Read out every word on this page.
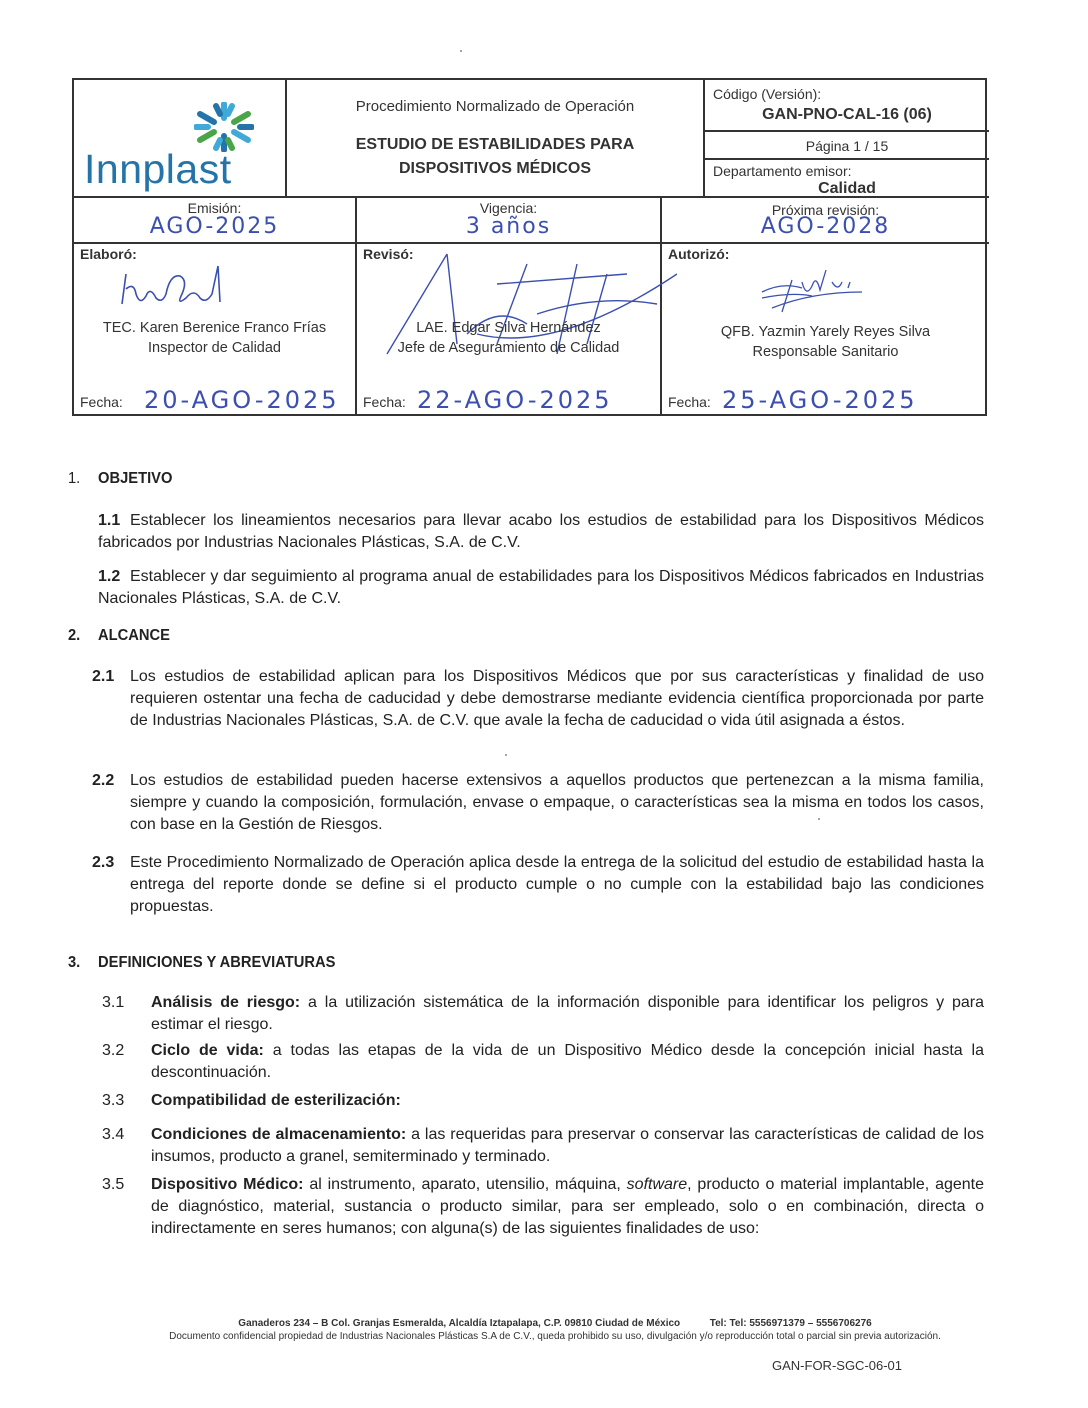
Innplast
Procedimiento Normalizado de Operación
ESTUDIO DE ESTABILIDADES PARA
DISPOSITIVOS MÉDICOS
Código (Versión):
GAN-PNO-CAL-16 (06)
Página 1 / 15
Departamento emisor:
Calidad
Emisión:
AGO-2025
Vigencia:
3 años
Próxima revisión:
AGO-2028
Elaboró:
TEC. Karen Berenice Franco Frías
Inspector de Calidad
Fecha: 20-AGO-2025
Revisó:
LAE. Edgar Silva Hernández
Jefe de Aseguramiento de Calidad
Fecha: 22-AGO-2025
Autorizó:
QFB. Yazmin Yarely Reyes Silva
Responsable Sanitario
Fecha: 25-AGO-2025
1. OBJETIVO
1.1 Establecer los lineamientos necesarios para llevar acabo los estudios de estabilidad para los Dispositivos Médicos fabricados por Industrias Nacionales Plásticas, S.A. de C.V.
1.2 Establecer y dar seguimiento al programa anual de estabilidades para los Dispositivos Médicos fabricados en Industrias Nacionales Plásticas, S.A. de C.V.
2. ALCANCE
2.1 Los estudios de estabilidad aplican para los Dispositivos Médicos que por sus características y finalidad de uso requieren ostentar una fecha de caducidad y debe demostrarse mediante evidencia científica proporcionada por parte de Industrias Nacionales Plásticas, S.A. de C.V. que avale la fecha de caducidad o vida útil asignada a éstos.
2.2 Los estudios de estabilidad pueden hacerse extensivos a aquellos productos que pertenezcan a la misma familia, siempre y cuando la composición, formulación, envase o empaque, o características sea la misma en todos los casos, con base en la Gestión de Riesgos.
2.3 Este Procedimiento Normalizado de Operación aplica desde la entrega de la solicitud del estudio de estabilidad hasta la entrega del reporte donde se define si el producto cumple o no cumple con la estabilidad bajo las condiciones propuestas.
3. DEFINICIONES Y ABREVIATURAS
3.1	Análisis de riesgo: a la utilización sistemática de la información disponible para identificar los peligros y para estimar el riesgo.
3.2	Ciclo de vida: a todas las etapas de la vida de un Dispositivo Médico desde la concepción inicial hasta la descontinuación.
3.3	Compatibilidad de esterilización:
3.4	Condiciones de almacenamiento: a las requeridas para preservar o conservar las características de calidad de los insumos, producto a granel, semiterminado y terminado.
3.5	Dispositivo Médico: al instrumento, aparato, utensilio, máquina, software, producto o material implantable, agente de diagnóstico, material, sustancia o producto similar, para ser empleado, solo o en combinación, directa o indirectamente en seres humanos; con alguna(s) de las siguientes finalidades de uso:
Ganaderos 234 – B Col. Granjas Esmeralda, Alcaldía Iztapalapa, C.P. 09810 Ciudad de México	Tel: Tel: 5556971379 – 5556706276
Documento confidencial propiedad de Industrias Nacionales Plásticas S.A de C.V., queda prohibido su uso, divulgación y/o reproducción total o parcial sin previa autorización.
GAN-FOR-SGC-06-01
